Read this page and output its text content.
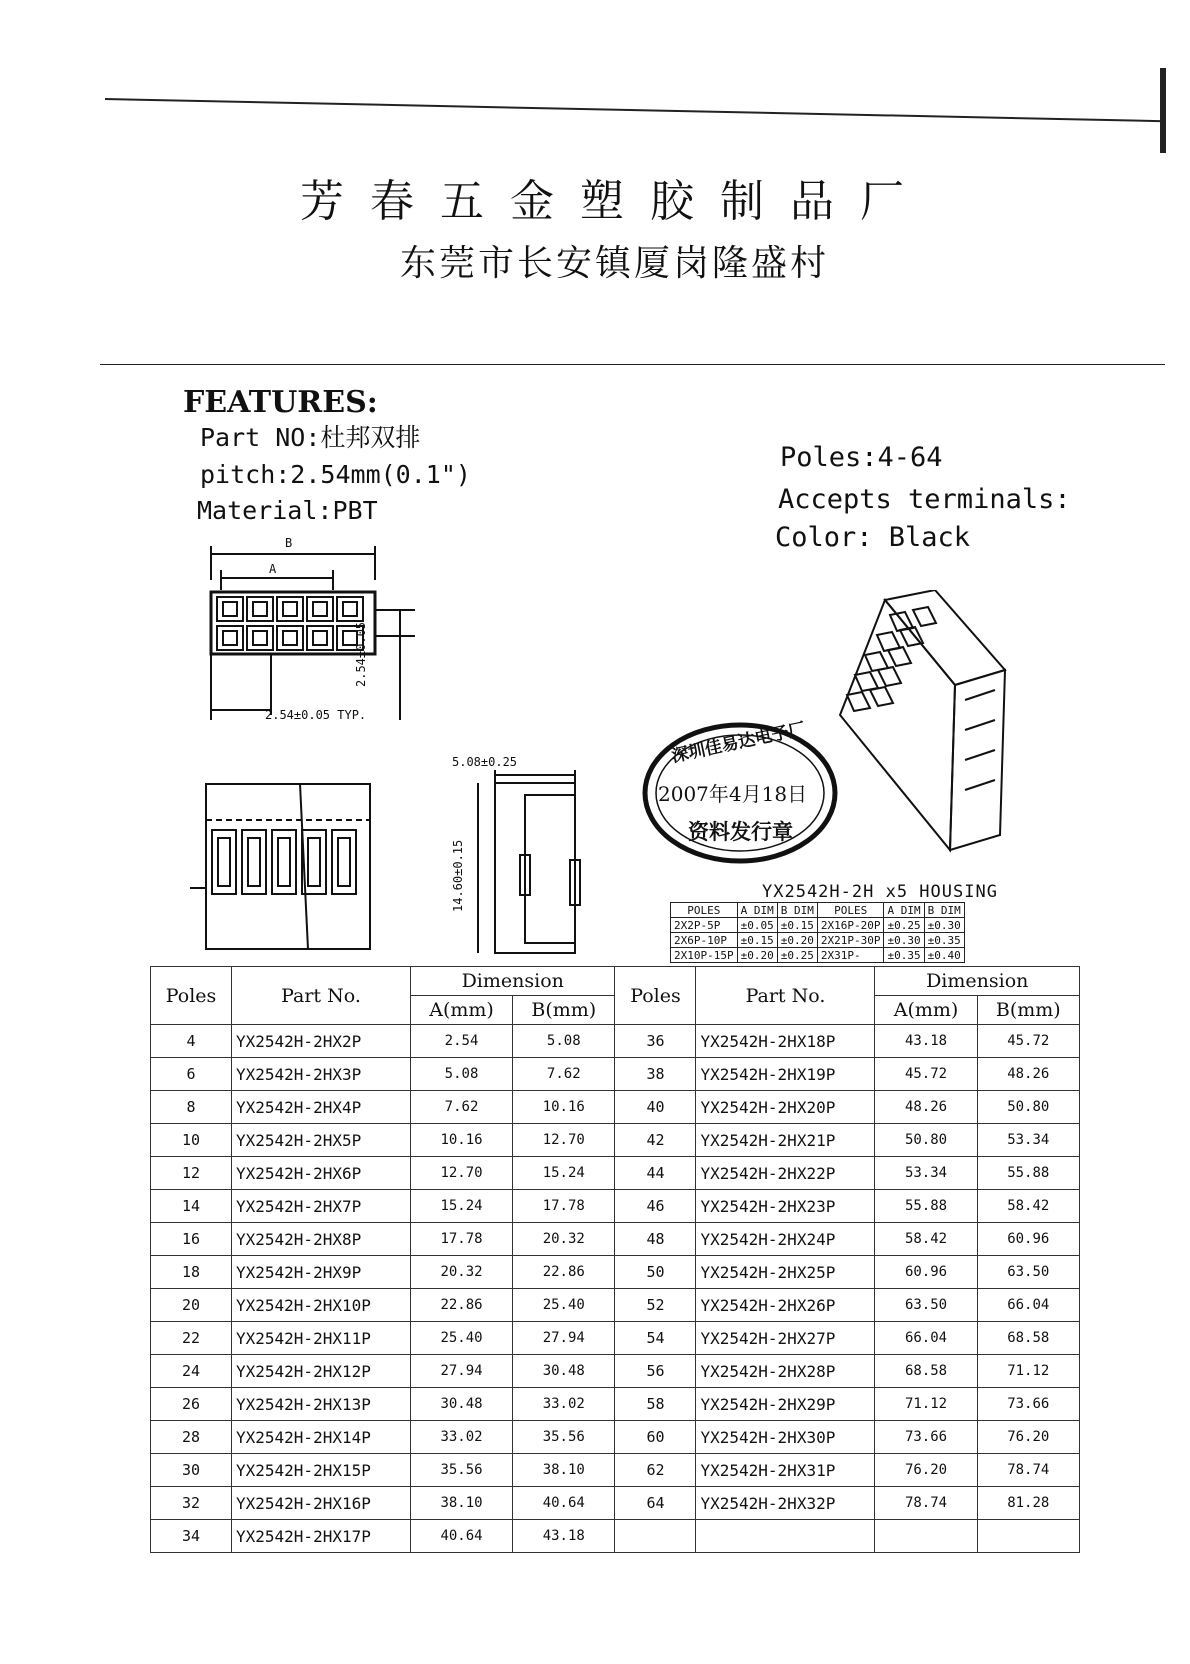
芳春五金塑胶制品厂
东莞市长安镇厦岗隆盛村
FEATURES:
Part NO:杜邦双排
pitch:2.54mm(0.1")
Material:PBT
Poles:4-64
Accepts terminals:
Color: Black
B
A
2.54±0.05 TYP.
2.54±0.05
5.08±0.25
14.60±0.15
深圳佳易达电子厂
2007年4月18日
资料发行章
YX2542H-2H x5 HOUSING
POLES	A DIM	B DIM	POLES	A DIM	B DIM
2X2P-5P	±0.05	±0.15	2X16P-20P	±0.25	±0.30
2X6P-10P	±0.15	±0.20	2X21P-30P	±0.30	±0.35
2X10P-15P	±0.20	±0.25	2X31P-	±0.35	±0.40
Poles	Part No.	Dimension		Poles	Part No.	Dimension	
		A(mm)	B(mm)			A(mm)	B(mm)
4	YX2542H-2HX2P	2.54	5.08	36	YX2542H-2HX18P	43.18	45.72
6	YX2542H-2HX3P	5.08	7.62	38	YX2542H-2HX19P	45.72	48.26
8	YX2542H-2HX4P	7.62	10.16	40	YX2542H-2HX20P	48.26	50.80
10	YX2542H-2HX5P	10.16	12.70	42	YX2542H-2HX21P	50.80	53.34
12	YX2542H-2HX6P	12.70	15.24	44	YX2542H-2HX22P	53.34	55.88
14	YX2542H-2HX7P	15.24	17.78	46	YX2542H-2HX23P	55.88	58.42
16	YX2542H-2HX8P	17.78	20.32	48	YX2542H-2HX24P	58.42	60.96
18	YX2542H-2HX9P	20.32	22.86	50	YX2542H-2HX25P	60.96	63.50
20	YX2542H-2HX10P	22.86	25.40	52	YX2542H-2HX26P	63.50	66.04
22	YX2542H-2HX11P	25.40	27.94	54	YX2542H-2HX27P	66.04	68.58
24	YX2542H-2HX12P	27.94	30.48	56	YX2542H-2HX28P	68.58	71.12
26	YX2542H-2HX13P	30.48	33.02	58	YX2542H-2HX29P	71.12	73.66
28	YX2542H-2HX14P	33.02	35.56	60	YX2542H-2HX30P	73.66	76.20
30	YX2542H-2HX15P	35.56	38.10	62	YX2542H-2HX31P	76.20	78.74
32	YX2542H-2HX16P	38.10	40.64	64	YX2542H-2HX32P	78.74	81.28
34	YX2542H-2HX17P	40.64	43.18				
